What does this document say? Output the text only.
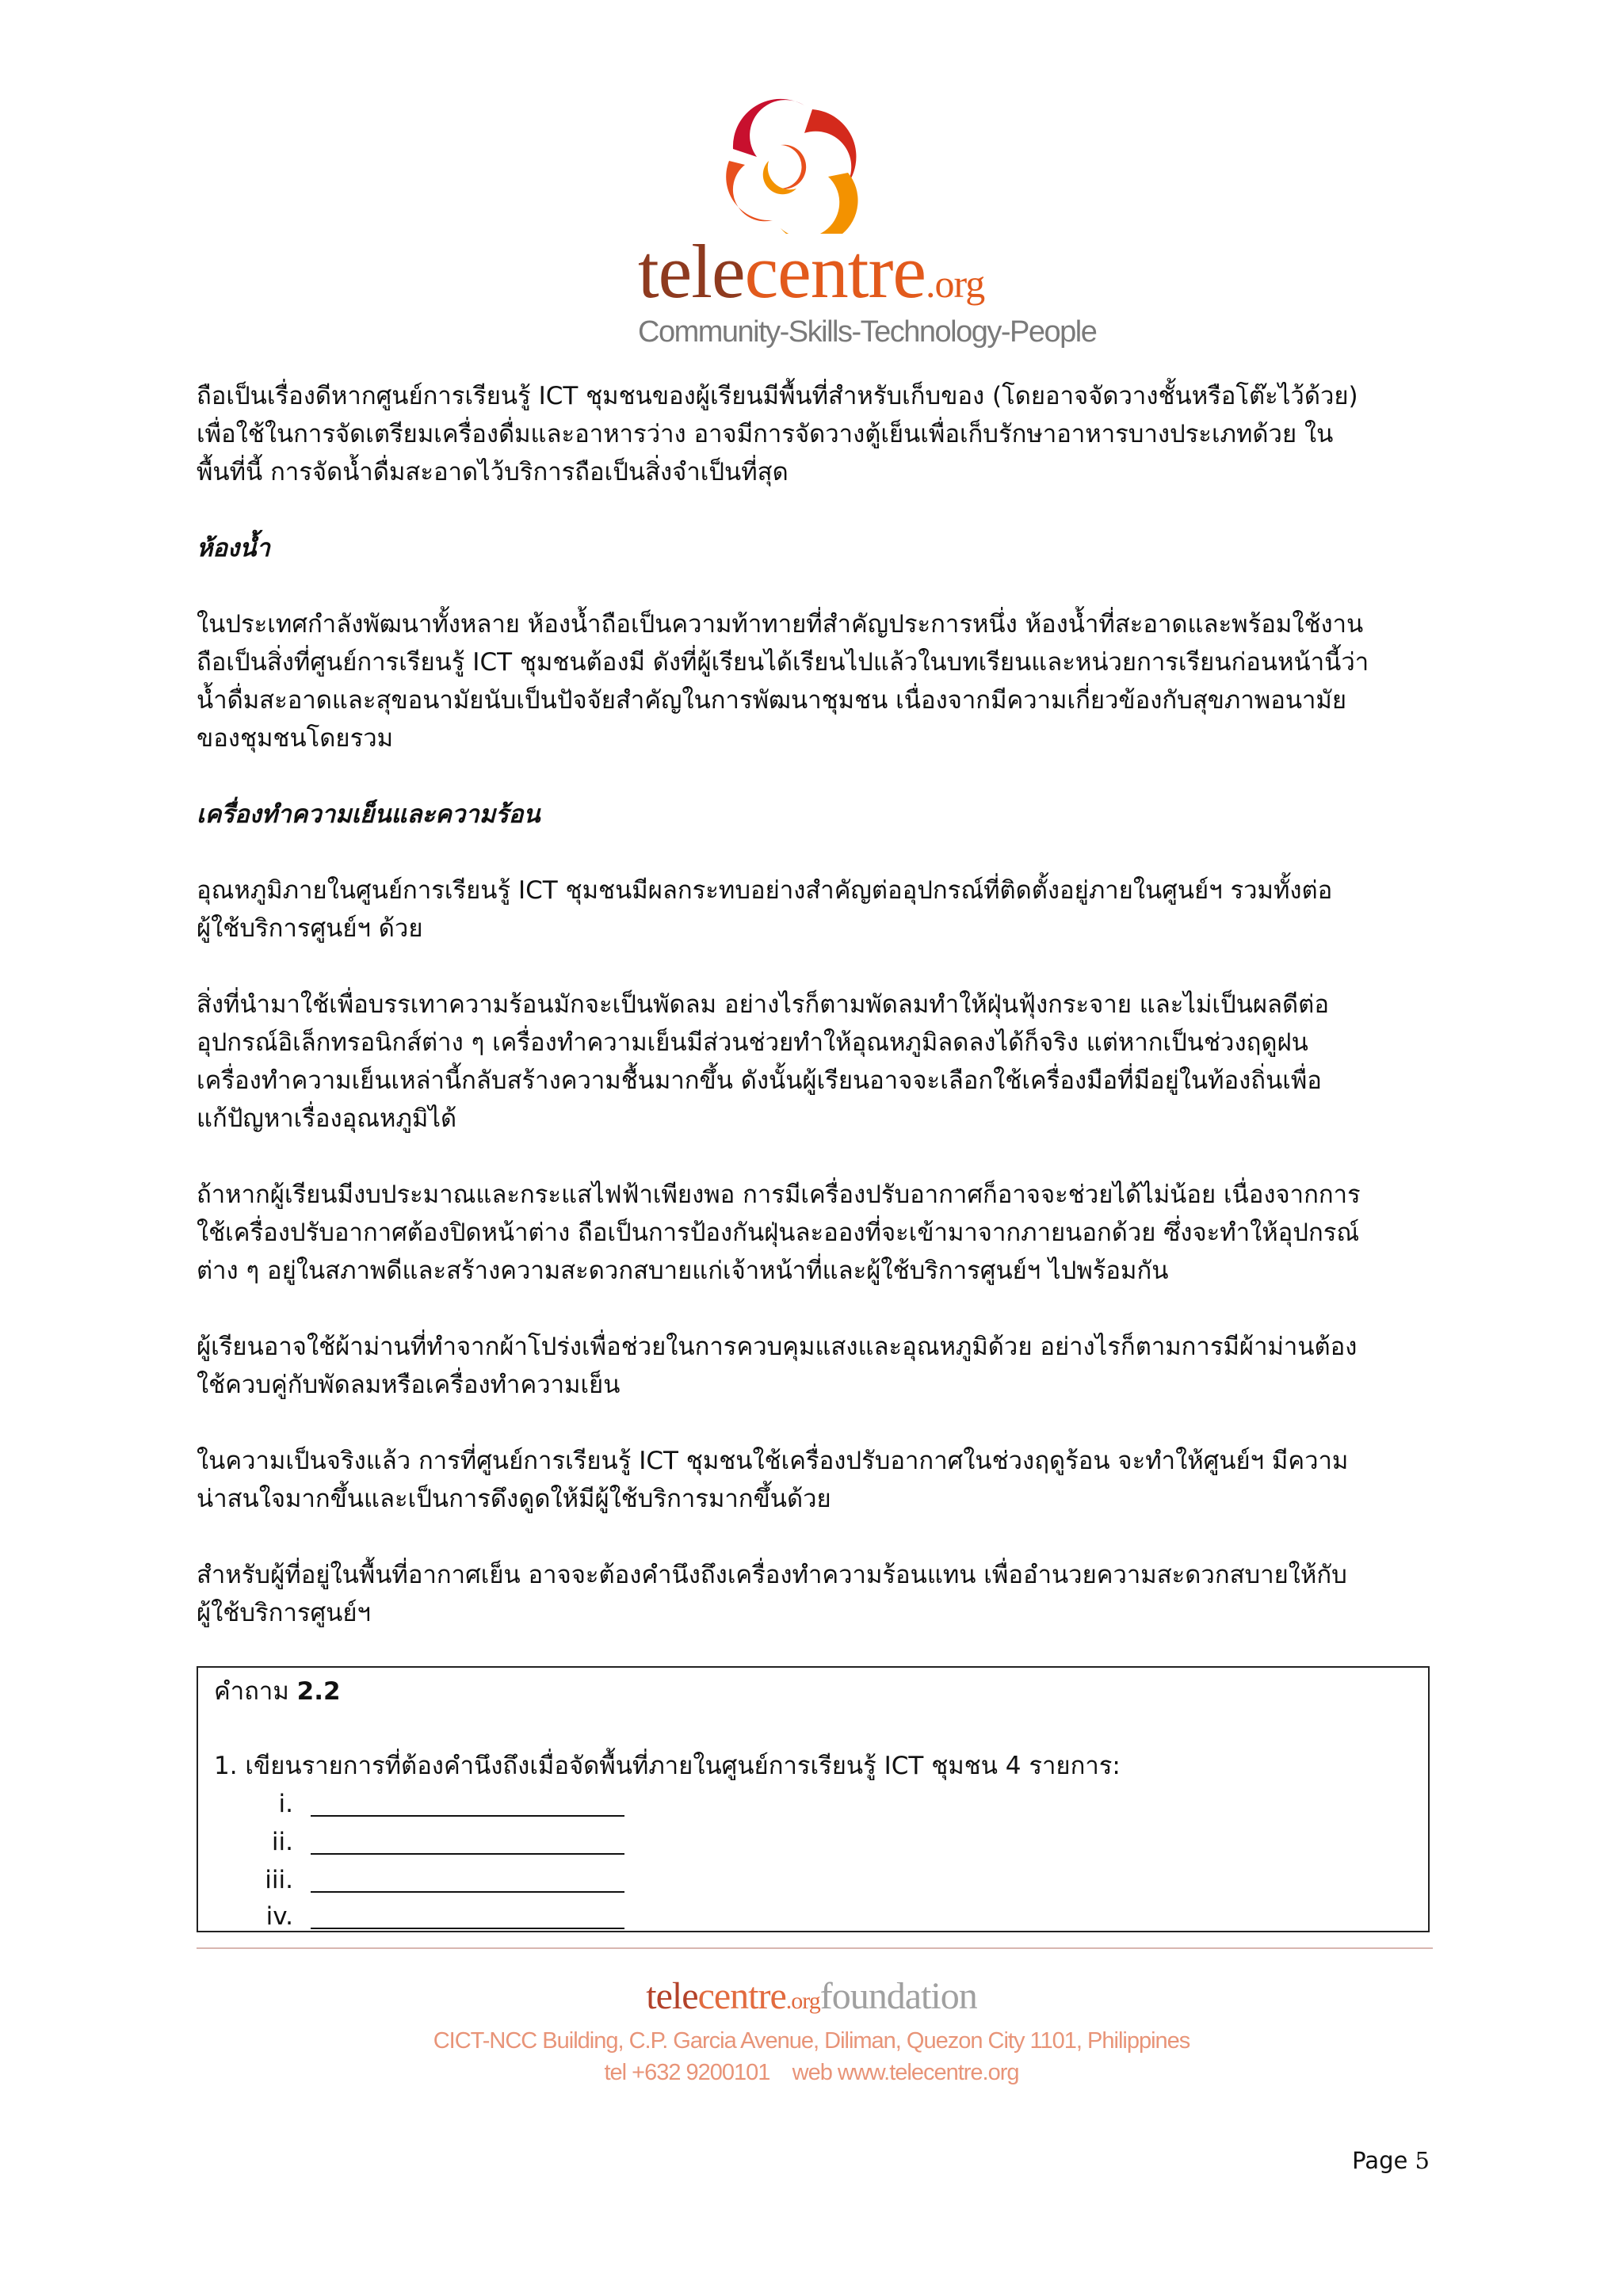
telecentre.org
Community-Skills-Technology-People

ถือเป็นเรื่องดีหากศูนย์การเรียนรู้ ICT ชุมชนของผู้เรียนมีพื้นที่สำหรับเก็บของ (โดยอาจจัดวางชั้นหรือโต๊ะไว้ด้วย)
เพื่อใช้ในการจัดเตรียมเครื่องดื่มและอาหารว่าง อาจมีการจัดวางตู้เย็นเพื่อเก็บรักษาอาหารบางประเภทด้วย ใน
พื้นที่นี้ การจัดน้ำดื่มสะอาดไว้บริการถือเป็นสิ่งจำเป็นที่สุด

ห้องน้ำ

ในประเทศกำลังพัฒนาทั้งหลาย ห้องน้ำถือเป็นความท้าทายที่สำคัญประการหนึ่ง ห้องน้ำที่สะอาดและพร้อมใช้งาน
ถือเป็นสิ่งที่ศูนย์การเรียนรู้ ICT ชุมชนต้องมี ดังที่ผู้เรียนได้เรียนไปแล้วในบทเรียนและหน่วยการเรียนก่อนหน้านี้ว่า
น้ำดื่มสะอาดและสุขอนามัยนับเป็นปัจจัยสำคัญในการพัฒนาชุมชน เนื่องจากมีความเกี่ยวข้องกับสุขภาพอนามัย
ของชุมชนโดยรวม

เครื่องทำความเย็นและความร้อน

อุณหภูมิภายในศูนย์การเรียนรู้ ICT ชุมชนมีผลกระทบอย่างสำคัญต่ออุปกรณ์ที่ติดตั้งอยู่ภายในศูนย์ฯ รวมทั้งต่อ
ผู้ใช้บริการศูนย์ฯ ด้วย

สิ่งที่นำมาใช้เพื่อบรรเทาความร้อนมักจะเป็นพัดลม อย่างไรก็ตามพัดลมทำให้ฝุ่นฟุ้งกระจาย และไม่เป็นผลดีต่อ
อุปกรณ์อิเล็กทรอนิกส์ต่าง ๆ เครื่องทำความเย็นมีส่วนช่วยทำให้อุณหภูมิลดลงได้ก็จริง แต่หากเป็นช่วงฤดูฝน
เครื่องทำความเย็นเหล่านี้กลับสร้างความชื้นมากขึ้น ดังนั้นผู้เรียนอาจจะเลือกใช้เครื่องมือที่มีอยู่ในท้องถิ่นเพื่อ
แก้ปัญหาเรื่องอุณหภูมิได้

ถ้าหากผู้เรียนมีงบประมาณและกระแสไฟฟ้าเพียงพอ การมีเครื่องปรับอากาศก็อาจจะช่วยได้ไม่น้อย เนื่องจากการ
ใช้เครื่องปรับอากาศต้องปิดหน้าต่าง ถือเป็นการป้องกันฝุ่นละอองที่จะเข้ามาจากภายนอกด้วย ซึ่งจะทำให้อุปกรณ์
ต่าง ๆ อยู่ในสภาพดีและสร้างความสะดวกสบายแก่เจ้าหน้าที่และผู้ใช้บริการศูนย์ฯ ไปพร้อมกัน

ผู้เรียนอาจใช้ผ้าม่านที่ทำจากผ้าโปร่งเพื่อช่วยในการควบคุมแสงและอุณหภูมิด้วย อย่างไรก็ตามการมีผ้าม่านต้อง
ใช้ควบคู่กับพัดลมหรือเครื่องทำความเย็น

ในความเป็นจริงแล้ว การที่ศูนย์การเรียนรู้ ICT ชุมชนใช้เครื่องปรับอากาศในช่วงฤดูร้อน จะทำให้ศูนย์ฯ มีความ
น่าสนใจมากขึ้นและเป็นการดึงดูดให้มีผู้ใช้บริการมากขึ้นด้วย

สำหรับผู้ที่อยู่ในพื้นที่อากาศเย็น อาจจะต้องคำนึงถึงเครื่องทำความร้อนแทน เพื่ออำนวยความสะดวกสบายให้กับ
ผู้ใช้บริการศูนย์ฯ

คำถาม 2.2
1. เขียนรายการที่ต้องคำนึงถึงเมื่อจัดพื้นที่ภายในศูนย์การเรียนรู้ ICT ชุมชน 4 รายการ:
i.
ii.
iii.
iv.
telecentre.orgfoundation
CICT-NCC Building, C.P. Garcia Avenue, Diliman, Quezon City 1101, Philippines
tel +632 9200101    web www.telecentre.org
Page 5
